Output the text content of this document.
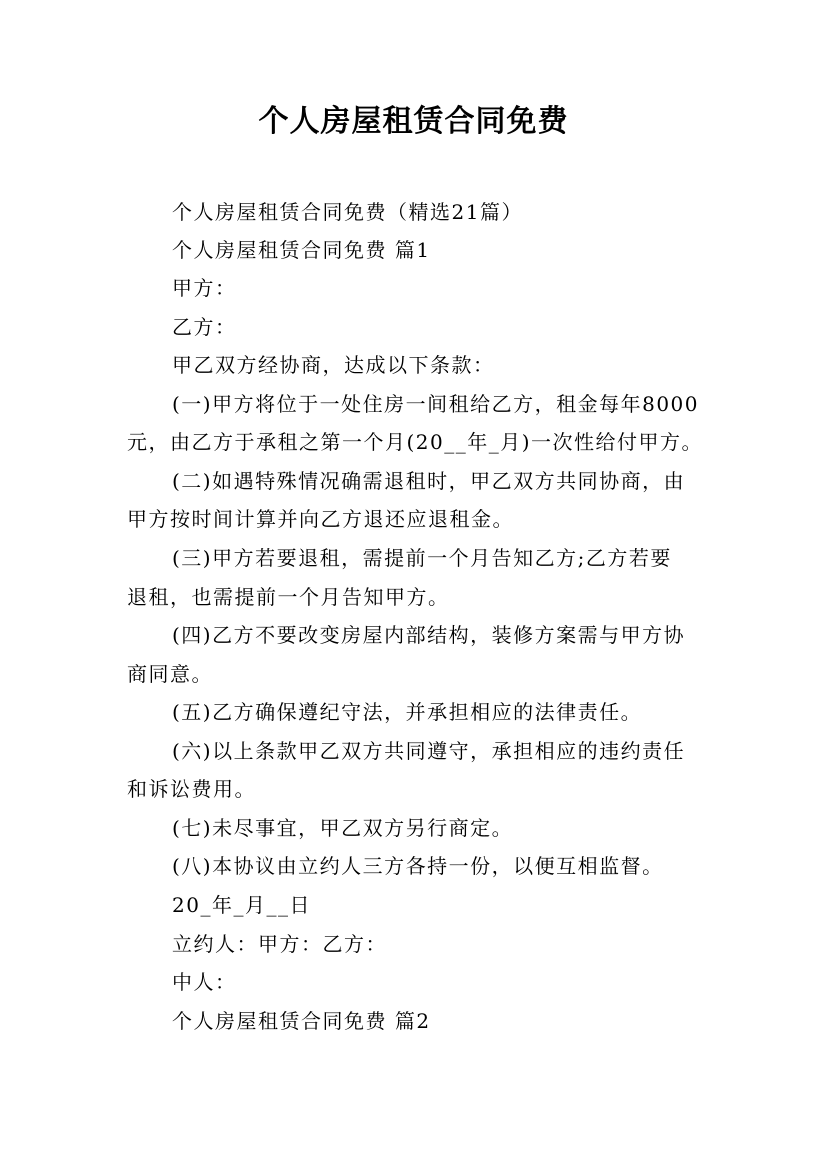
个人房屋租赁合同免费
个人房屋租赁合同免费（精选21篇）
个人房屋租赁合同免费 篇1
甲方：
乙方：
甲乙双方经协商，达成以下条款：
(一)甲方将位于一处住房一间租给乙方，租金每年8000
元，由乙方于承租之第一个月(20__年_月)一次性给付甲方。
(二)如遇特殊情况确需退租时，甲乙双方共同协商，由
甲方按时间计算并向乙方退还应退租金。
(三)甲方若要退租，需提前一个月告知乙方;乙方若要
退租，也需提前一个月告知甲方。
(四)乙方不要改变房屋内部结构，装修方案需与甲方协
商同意。
(五)乙方确保遵纪守法，并承担相应的法律责任。
(六)以上条款甲乙双方共同遵守，承担相应的违约责任
和诉讼费用。
(七)未尽事宜，甲乙双方另行商定。
(八)本协议由立约人三方各持一份，以便互相监督。
20_年_月__日
立约人：甲方：乙方：
中人：
个人房屋租赁合同免费 篇2
